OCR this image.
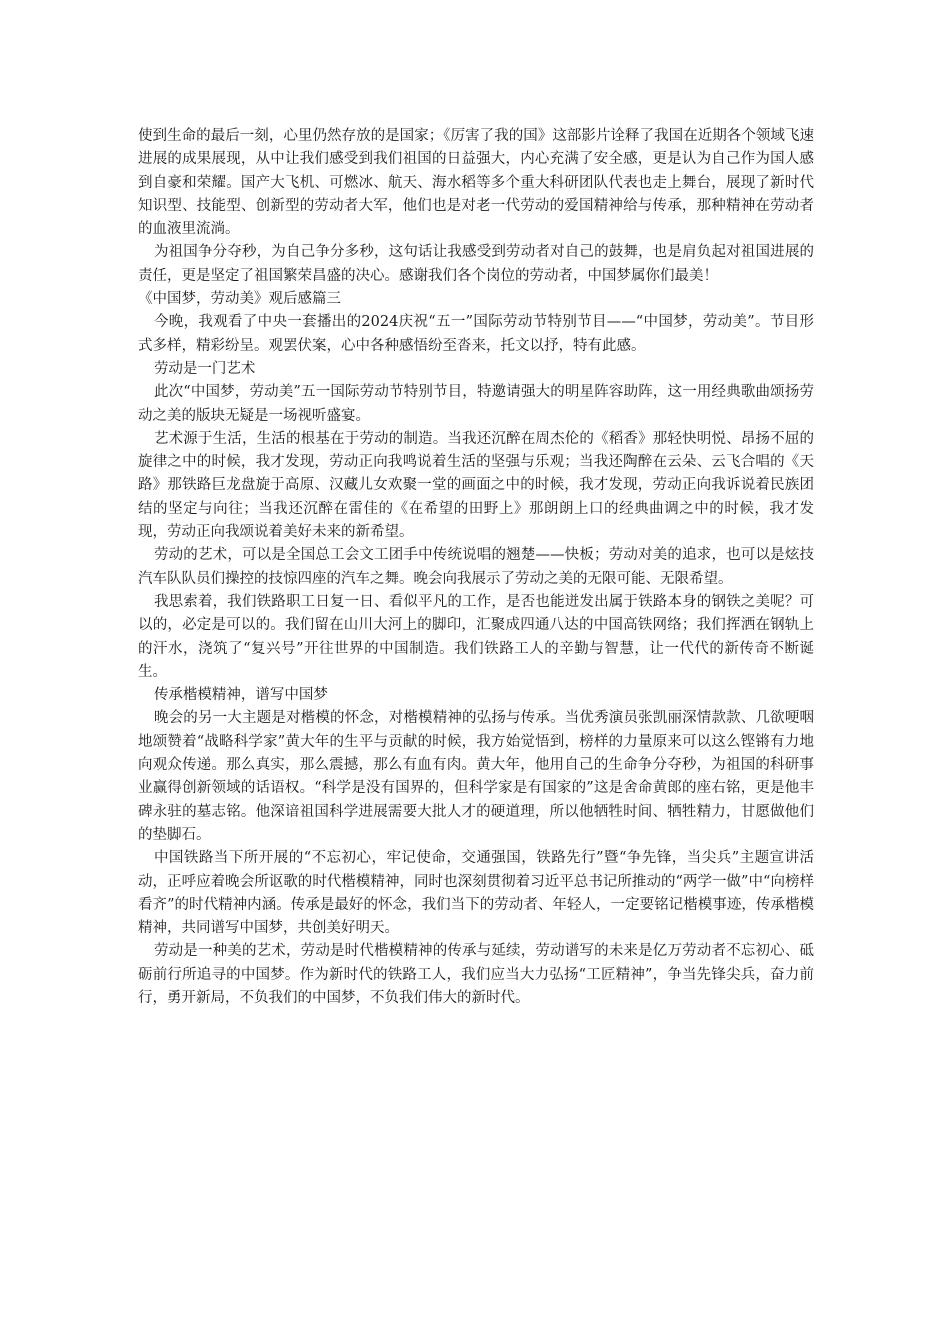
使到生命的最后一刻，心里仍然存放的是国家；《厉害了我的国》这部影片诠释了我国在近期各个领域飞速进展的成果展现，从中让我们感受到我们祖国的日益强大，内心充满了安全感，更是认为自己作为国人感到自豪和荣耀。国产大飞机、可燃冰、航天、海水稻等多个重大科研团队代表也走上舞台，展现了新时代知识型、技能型、创新型的劳动者大军，他们也是对老一代劳动的爱国精神给与传承，那种精神在劳动者的血液里流淌。

为祖国争分夺秒，为自己争分多秒，这句话让我感受到劳动者对自己的鼓舞，也是肩负起对祖国进展的责任，更是坚定了祖国繁荣昌盛的决心。感谢我们各个岗位的劳动者，中国梦属你们最美！

《中国梦，劳动美》观后感篇三

今晚，我观看了中央一套播出的2024庆祝“五一”国际劳动节特别节目——“中国梦，劳动美”。节目形式多样，精彩纷呈。观罢伏案，心中各种感悟纷至沓来，托文以抒，特有此感。

劳动是一门艺术

此次“中国梦，劳动美”五一国际劳动节特别节目，特邀请强大的明星阵容助阵，这一用经典歌曲颂扬劳动之美的版块无疑是一场视听盛宴。

艺术源于生活，生活的根基在于劳动的制造。当我还沉醉在周杰伦的《稻香》那轻快明悦、昂扬不屈的旋律之中的时候，我才发现，劳动正向我鸣说着生活的坚强与乐观；当我还陶醉在云朵、云飞合唱的《天路》那铁路巨龙盘旋于高原、汉藏儿女欢聚一堂的画面之中的时候，我才发现，劳动正向我诉说着民族团结的坚定与向往；当我还沉醉在雷佳的《在希望的田野上》那朗朗上口的经典曲调之中的时候，我才发现，劳动正向我颂说着美好未来的新希望。

劳动的艺术，可以是全国总工会文工团手中传统说唱的翘楚——快板；劳动对美的追求，也可以是炫技汽车队队员们操控的技惊四座的汽车之舞。晚会向我展示了劳动之美的无限可能、无限希望。

我思索着，我们铁路职工日复一日、看似平凡的工作，是否也能迸发出属于铁路本身的钢铁之美呢？可以的，必定是可以的。我们留在山川大河上的脚印，汇聚成四通八达的中国高铁网络；我们挥洒在钢轨上的汗水，浇筑了“复兴号”开往世界的中国制造。我们铁路工人的辛勤与智慧，让一代代的新传奇不断诞生。

传承楷模精神，谱写中国梦

晚会的另一大主题是对楷模的怀念，对楷模精神的弘扬与传承。当优秀演员张凯丽深情款款、几欲哽咽地颂赞着“战略科学家”黄大年的生平与贡献的时候，我方始觉悟到，榜样的力量原来可以这么铿锵有力地向观众传递。那么真实，那么震撼，那么有血有肉。黄大年，他用自己的生命争分夺秒，为祖国的科研事业赢得创新领域的话语权。“科学是没有国界的，但科学家是有国家的”这是舍命黄郎的座右铭，更是他丰碑永驻的墓志铭。他深谙祖国科学进展需要大批人才的硬道理，所以他牺牲时间、牺牲精力，甘愿做他们的垫脚石。

中国铁路当下所开展的“不忘初心，牢记使命，交通强国，铁路先行”暨“争先锋，当尖兵”主题宣讲活动，正呼应着晚会所讴歌的时代楷模精神，同时也深刻贯彻着习近平总书记所推动的“两学一做”中“向榜样看齐”的时代精神内涵。传承是最好的怀念，我们当下的劳动者、年轻人，一定要铭记楷模事迹，传承楷模精神，共同谱写中国梦，共创美好明天。

劳动是一种美的艺术，劳动是时代楷模精神的传承与延续，劳动谱写的未来是亿万劳动者不忘初心、砥砺前行所追寻的中国梦。作为新时代的铁路工人，我们应当大力弘扬“工匠精神”，争当先锋尖兵，奋力前行，勇开新局，不负我们的中国梦，不负我们伟大的新时代。
